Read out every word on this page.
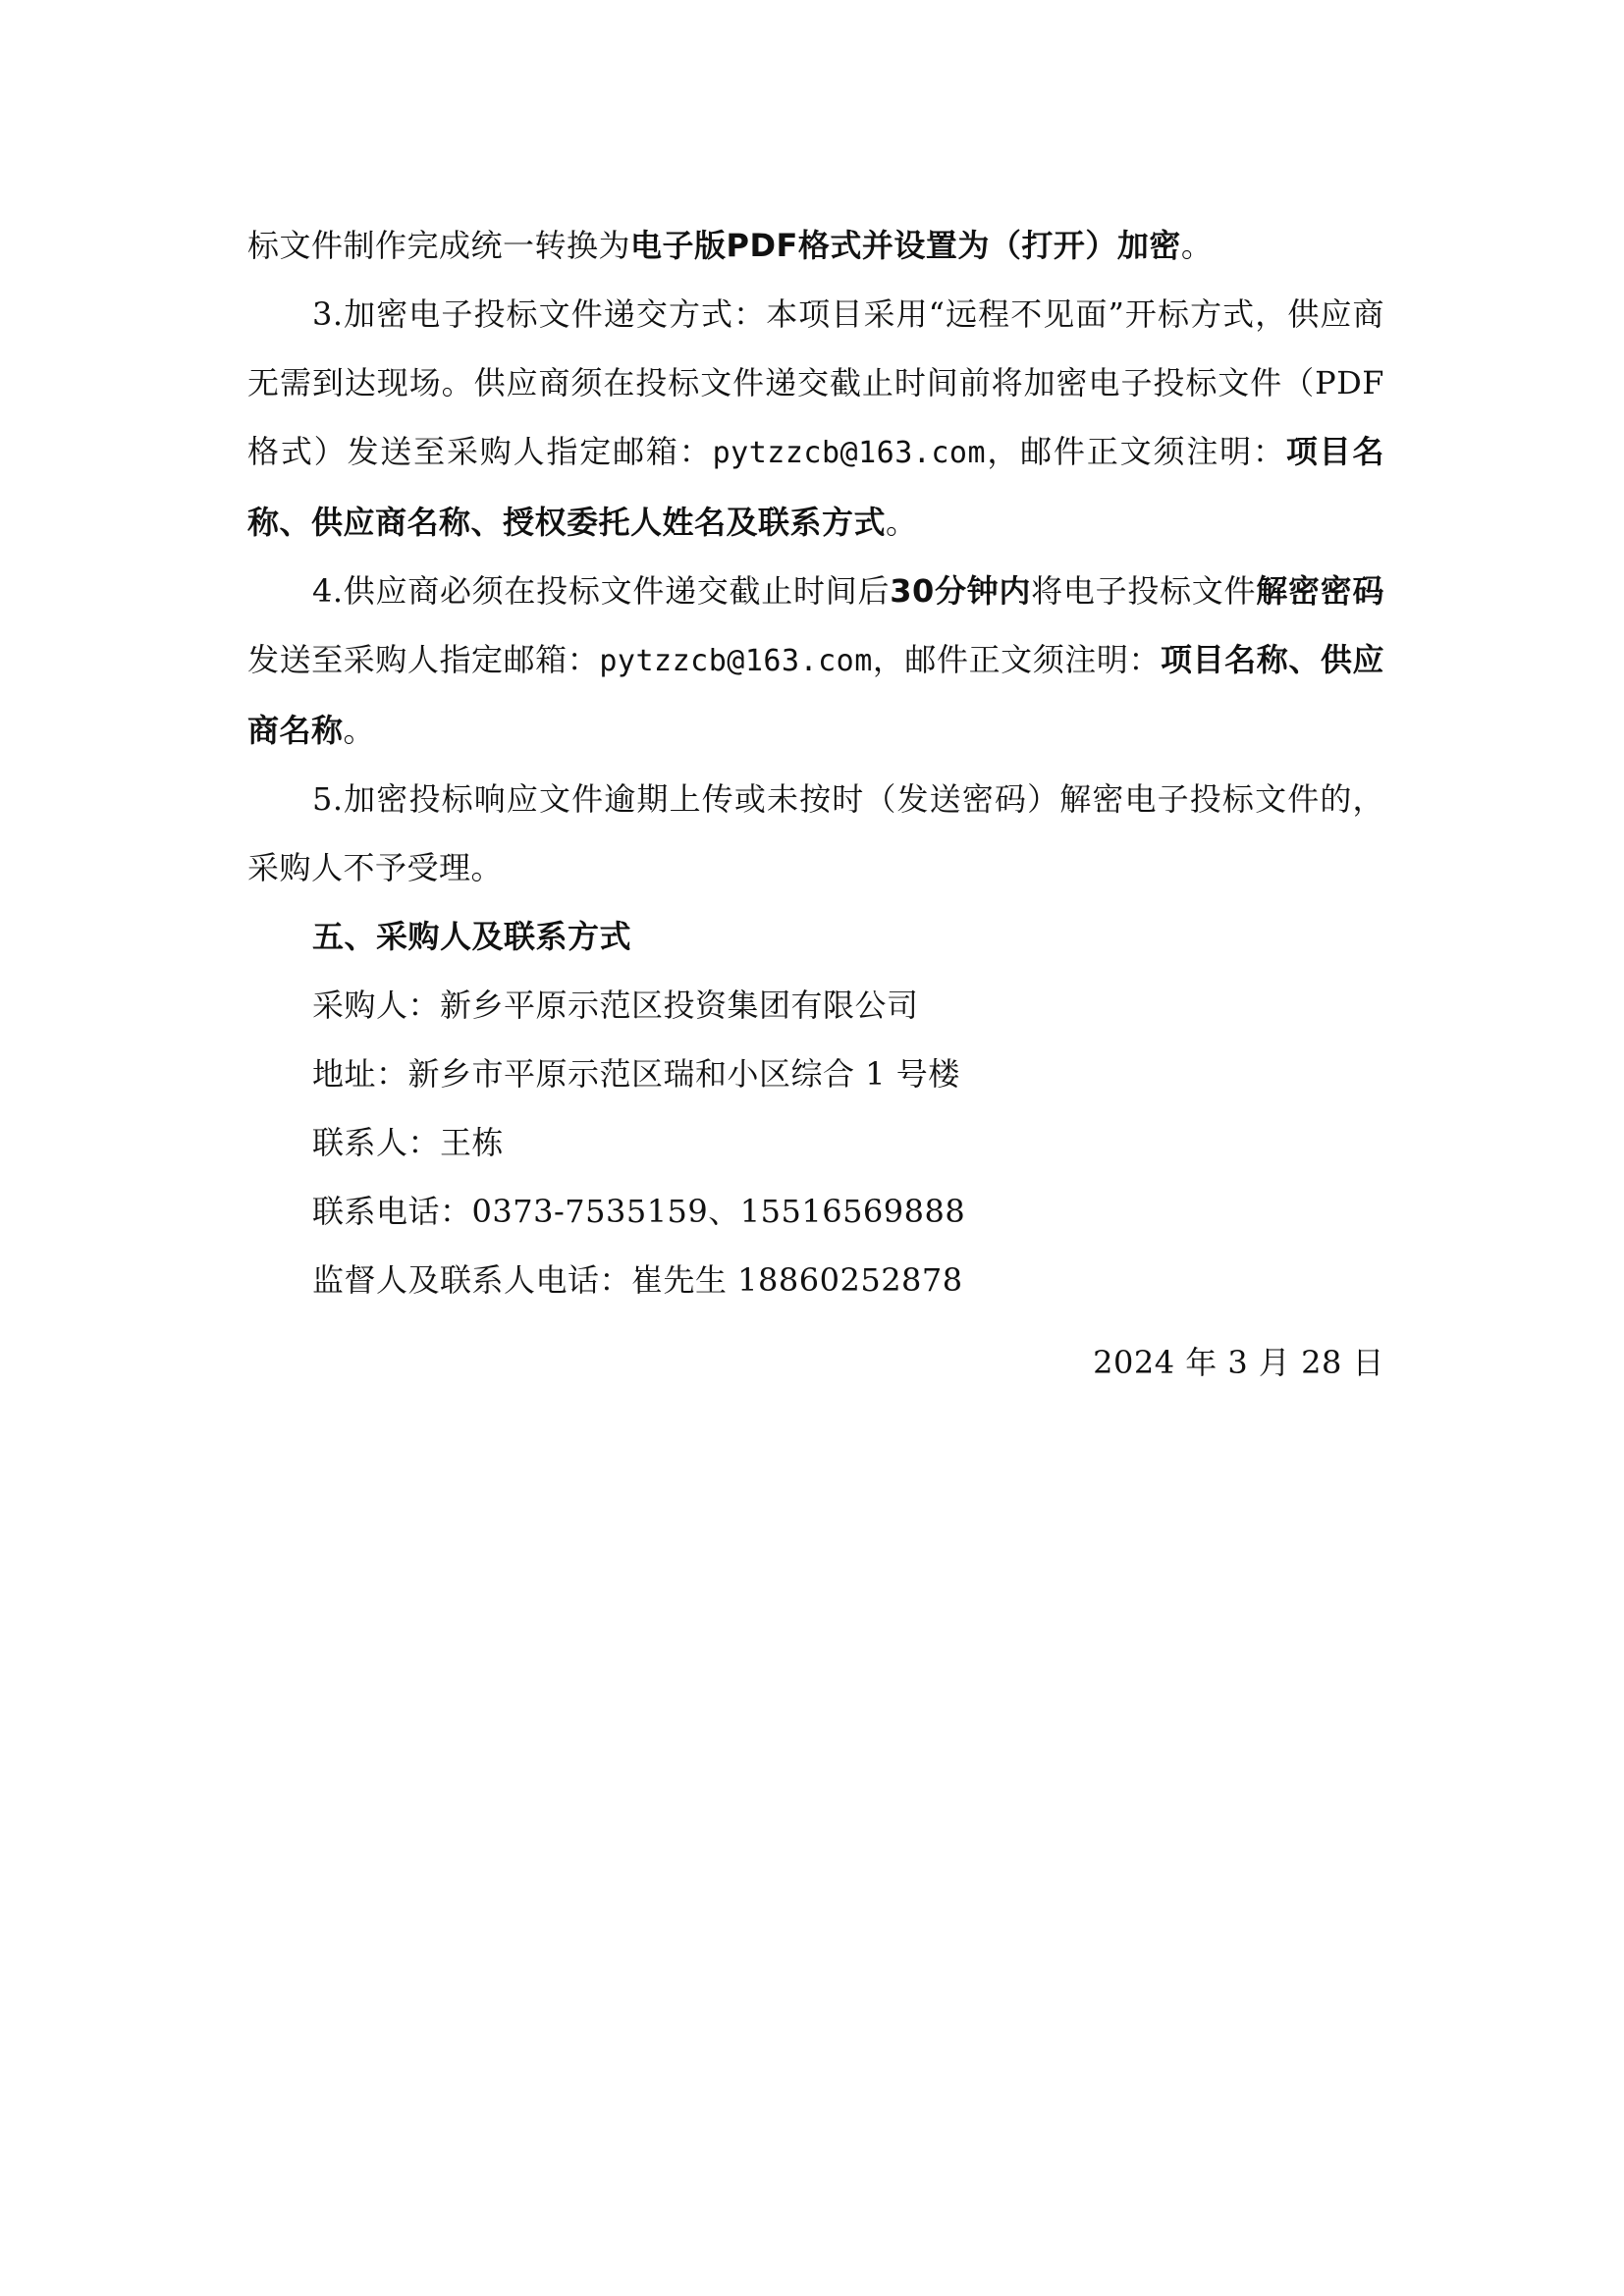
标文件制作完成统一转换为电子版PDF格式并设置为（打开）加密。

3.加密电子投标文件递交方式：本项目采用“远程不见面”开标方式，供应商无需到达现场。供应商须在投标文件递交截止时间前将加密电子投标文件（PDF格式）发送至采购人指定邮箱：pytzzcb@163.com，邮件正文须注明：项目名称、供应商名称、授权委托人姓名及联系方式。

4.供应商必须在投标文件递交截止时间后30分钟内将电子投标文件解密密码发送至采购人指定邮箱：pytzzcb@163.com，邮件正文须注明：项目名称、供应商名称。

5.加密投标响应文件逾期上传或未按时（发送密码）解密电子投标文件的，采购人不予受理。

五、采购人及联系方式

采购人：新乡平原示范区投资集团有限公司

地址：新乡市平原示范区瑞和小区综合 1 号楼

联系人：王栋

联系电话：0373-7535159、15516569888

监督人及联系人电话：崔先生 18860252878

2024 年 3 月 28 日
